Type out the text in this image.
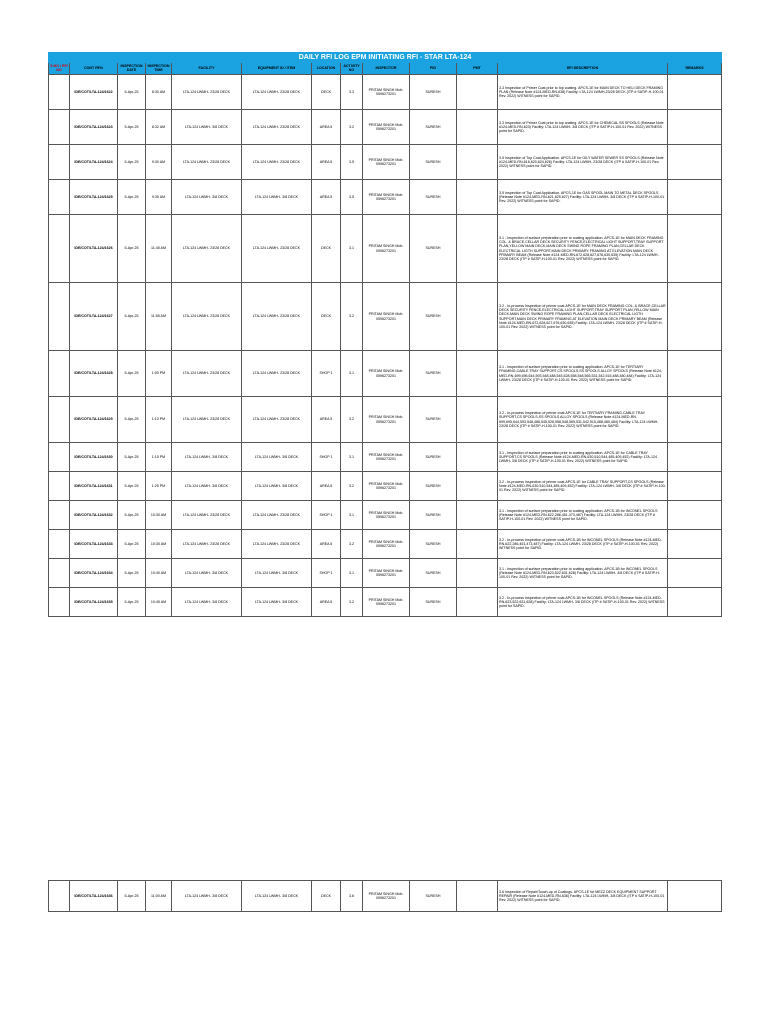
DAILY RFI LOG EPM INITIATING RFI - STAR LTA-124												
S.NO / RFI NO	CONT RFI#	INSPECTION DATE	INSPECTION TIME	FACILITY	EQUIPMENT ID / ITEM	LOCATION	ACTIVITY NO	INSPECTOR	PID	PMT	RFI DESCRIPTION	REMARKS
	IDE/COT/LTA-124/1622	5-Apr-25	8:30 AM	LTA-124 LWMH- 23/28 DECK	LTA-124 LWMH- 23/28 DECK	DECK	3.3	PRITAM SINGH Mob. 0596273201	SURESH		3.3 Inspection of Primer Coat prior to top coating. APCS-1E for MAIN DECK TO HELI DECK FRAMING PLAN (Release Note #124-MED-RN-638) Facility: LTA-124 LWMH-23/28 DECK (ITP # SATIP-H-100-01 Rev. 2022) WITNESS point for SAPID.	
	IDE/COT/LTA-124/1623	5-Apr-25	8:32 AM	LTA-124 LWMH- 3/8 DECK	LTA-124 LWMH- 23/28 DECK	AREA 5	3.2	PRITAM SINGH Mob. 0596273201	SURESH		3.3 Inspection of Primer Coat prior to top coating. APCS-1E for CHEMICAL SS SPOOLS (Release Note #124-MED-RN-623) Facility: LTA-124 LWMH- 3/8 DECK (ITP # SATIP-H-100-01 Rev. 2022) WITNESS point for SAPID.	
	IDE/COT/LTA-124/1624	5-Apr-25	9:30 AM	LTA-124 LWMH- 23/28 DECK	LTA-124 LWMH- 23/28 DECK	AREA 5	3.5	PRITAM SINGH Mob. 0596273201	SURESH		3.5 Inspection of Top Coat Application. APCS-1E for OILY WATER SEWER SS SPOOLS (Release Note #124-MED-RN-616,620,624,626) Facility: LTA-124 LWMH- 23/28 DECK (ITP # SATIP-H-100-01 Rev. 2022) WITNESS point for SAPID.	
	IDE/COT/LTA-124/1625	5-Apr-25	9:35 AM	LTA-124 LWMH- 3/8 DECK	LTA-124 LWMH- 3/8 DECK	AREA 5	3.5	PRITAM SINGH Mob. 0596273201	SURESH		3.5 Inspection of Top Coat Application. APCS-1E for GAS SPOOL MAIN TO METAL DECK SPOOLS (Release Note #124-MED-RN-621,625,627) Facility: LTA-124 LWMH- 3/8 DECK (ITP # SATIP-H-100-01 Rev. 2022) WITNESS point for SAPID.	
	IDE/COT/LTA-124/1626	5-Apr-25	11:45 AM	LTA-124 LWMH- 23/28 DECK	LTA-124 LWMH- 23/28 DECK	DECK	3.1	PRITAM SINGH Mob. 0596273201	SURESH		3.1 - Inspection of surface preparation prior to coating application. APCS-1E for MAIN DECK FRAMING COL. & BRACE,CELLAR DECK SECURITY FENCE,ELECTRICAL LIGHT SUPPORT,TRAY SUPPORT PLAN,YELLOW MAIN DECK,MAIN DECK SWING ROPE FRAMING PLAN,CELLAR DECK ELECTRICAL LIGTH SUPPORT,MAIN DECK PRIMARY FRAMING AT ELEVATION MAIN DECK PRIMARY BEAM (Release Note #124-MED-RN-672,628,627,676,630,635) Facility: LTA-124 LWMH- 23/28 DECK (ITP # SATIP-H-100-01 Rev. 2022) WITNESS point for SAPID.	
	IDE/COT/LTA-124/1627	5-Apr-25	11:55 AM	LTA-124 LWMH- 23/28 DECK	LTA-124 LWMH- 23/28 DECK	DECK	3.2	PRITAM SINGH Mob. 0596273201	SURESH		3.2 - In-process Inspection of primer coat.APCS-1E for MAIN DECK FRAMING COL. & BRACE,CELLAR DECK SECURITY FENCE,ELECTRICAL LIGHT SUPPORT,TRAY SUPPORT PLAN,YELLOW MAIN DECK,MAIN DECK SWING ROPE FRAMING PLAN,CELLAR DECK ELECTRICAL LIGTH SUPPORT,MAIN DECK PRIMARY FRAMING AT ELEVATION MAIN DECK PRIMARY BEAM (Release Note #124-MED-RN-672,628,627,676,630,635) Facility: LTA-124 LWMH- 23/28 DECK (ITP # SATIP-H-100-01 Rev. 2022) WITNESS point for SAPID.	
	IDE/COT/LTA-124/1628	5-Apr-25	1:00 PM	LTA-124 LWMH- 23/28 DECK	LTA-124 LWMH- 23/28 DECK	SHOP 1	3.1	PRITAM SINGH Mob. 0596273201	SURESH		3.1 - Inspection of surface preparation prior to coating application. APCS-1E for TERTIARY FRAMING,CABLE TRAY SUPPORT,CS SPOOLS,SS SPOOLS ALLOY SPOOLS (Release Note #124-MED-RN-699,695,644,593,548,488,545,528,558,548,565,531,542,515,488,480,484) Facility: LTA-124 LWMH- 23/28 DECK (ITP # SATIP-H-100-01 Rev. 2022) WITNESS point for SAPID.	
	IDE/COT/LTA-124/1629	5-Apr-25	1:10 PM	LTA-124 LWMH- 23/28 DECK	LTA-124 LWMH- 23/28 DECK	AREA 5	3.2	PRITAM SINGH Mob. 0596273201	SURESH		3.2 - In-process Inspection of primer coat.APCS-1E for TERTIARY FRAMING,CABLE TRAY SUPPORT,CS SPOOLS,SS SPOOLS ALLOY SPOOLS (Release Note #124-MED-RN-699,695,644,593,548,488,545,528,558,548,565,531,542,515,488,480,484) Facility: LTA-124 LWMH- 23/28 DECK (ITP # SATIP-H-100-01 Rev. 2022) WITNESS point for SAPID.	
	IDE/COT/LTA-124/1630	5-Apr-25	1:15 PM	LTA-124 LWMH- 3/8 DECK	LTA-124 LWMH- 3/8 DECK	SHOP 1	3.1	PRITAM SINGH Mob. 0596273201	SURESH		3.1 - Inspection of surface preparation prior to coating application. APCS-1E for CABLE TRAY SUPPORT,CS SPOOLS (Release Note #124-MED-RN-630,510,544,485,409,452) Facility: LTA-124 LWMH- 3/8 DECK (ITP # SATIP-H-100-01 Rev. 2022) WITNESS point for SAPID.	
	IDE/COT/LTA-124/1631	5-Apr-25	1:25 PM	LTA-124 LWMH- 3/8 DECK	LTA-124 LWMH- 3/8 DECK	AREA 5	3.2	PRITAM SINGH Mob. 0596273201	SURESH		3.2 - In-process Inspection of primer coat.APCS-1E for CABLE TRAY SUPPORT,CS SPOOLS (Release Note #124-MED-RN-630,510,544,485,409,452) Facility: LTA-124 LWMH- 3/8 DECK (ITP # SATIP-H-100-01 Rev. 2022) WITNESS point for SAPID.	
	IDE/COT/LTA-124/1632	5-Apr-25	10:30 AM	LTA-124 LWMH- 23/28 DECK	LTA-124 LWMH- 23/28 DECK	SHOP 1	3.1	PRITAM SINGH Mob. 0596273201	SURESH		3.1 - Inspection of surface preparation prior to coating application. APCS-1B for INCONEL SPOOLS (Release Note #124-MED-RN-622,286,451,473,487) Facility: LTA-124 LWMH- 23/28 DECK (ITP # SATIP-H-100-01 Rev. 2022) WITNESS point for SAPID.	
	IDE/COT/LTA-124/1633	5-Apr-25	10:35 AM	LTA-124 LWMH- 23/28 DECK	LTA-124 LWMH- 23/28 DECK	AREA 5	3.2	PRITAM SINGH Mob. 0596273201	SURESH		3.2 - In-process Inspection of primer coat.APCS-1B for INCONEL SPOOLS (Release Note #124-MED-RN-622,286,451,473,487) Facility: LTA-124 LWMH- 23/28 DECK (ITP # SATIP-H-100-01 Rev. 2022) WITNESS point for SAPID.	
	IDE/COT/LTA-124/1634	5-Apr-25	10:40 AM	LTA-124 LWMH- 3/8 DECK	LTA-124 LWMH- 3/8 DECK	SHOP 1	3.1	PRITAM SINGH Mob. 0596273201	SURESH		3.1 - Inspection of surface preparation prior to coating application. APCS-1B for INCONEL SPOOLS (Release Note #124-MED-RN-623,522,631,628) Facility: LTA-124 LWMH- 3/8 DECK (ITP # SATIP-H-100-01 Rev. 2022) WITNESS point for SAPID.	
	IDE/COT/LTA-124/1635	5-Apr-25	10:45 AM	LTA-124 LWMH- 3/8 DECK	LTA-124 LWMH- 3/8 DECK	AREA 5	3.2	PRITAM SINGH Mob. 0596273201	SURESH		3.2 - In-process Inspection of primer coat.APCS-1B for INCONEL SPOOLS (Release Note #124-MED-RN-623,522,631,628) Facility: LTA-124 LWMH- 3/8 DECK (ITP # SATIP-H-100-01 Rev. 2022) WITNESS point for SAPID.	
	IDE/COT/LTA-124/1636	5-Apr-25	11:00 AM	LTA-124 LWMH- 3/8 DECK	LTA-124 LWMH- 3/8 DECK	DECK	3.6	PRITAM SINGH Mob. 0596273201	SURESH		3.6 Inspection of Repair/Touch-up of Coatings. APCS-1E for MEZZ DECK EQUIPMENT SUPPORT REPAIR (Release Note #124-MED-RN-636) Facility: LTA-124 LWMH- 3/8 DECK (ITP # SATIP-H-100-01 Rev. 2022) WITNESS point for SAPID.	
